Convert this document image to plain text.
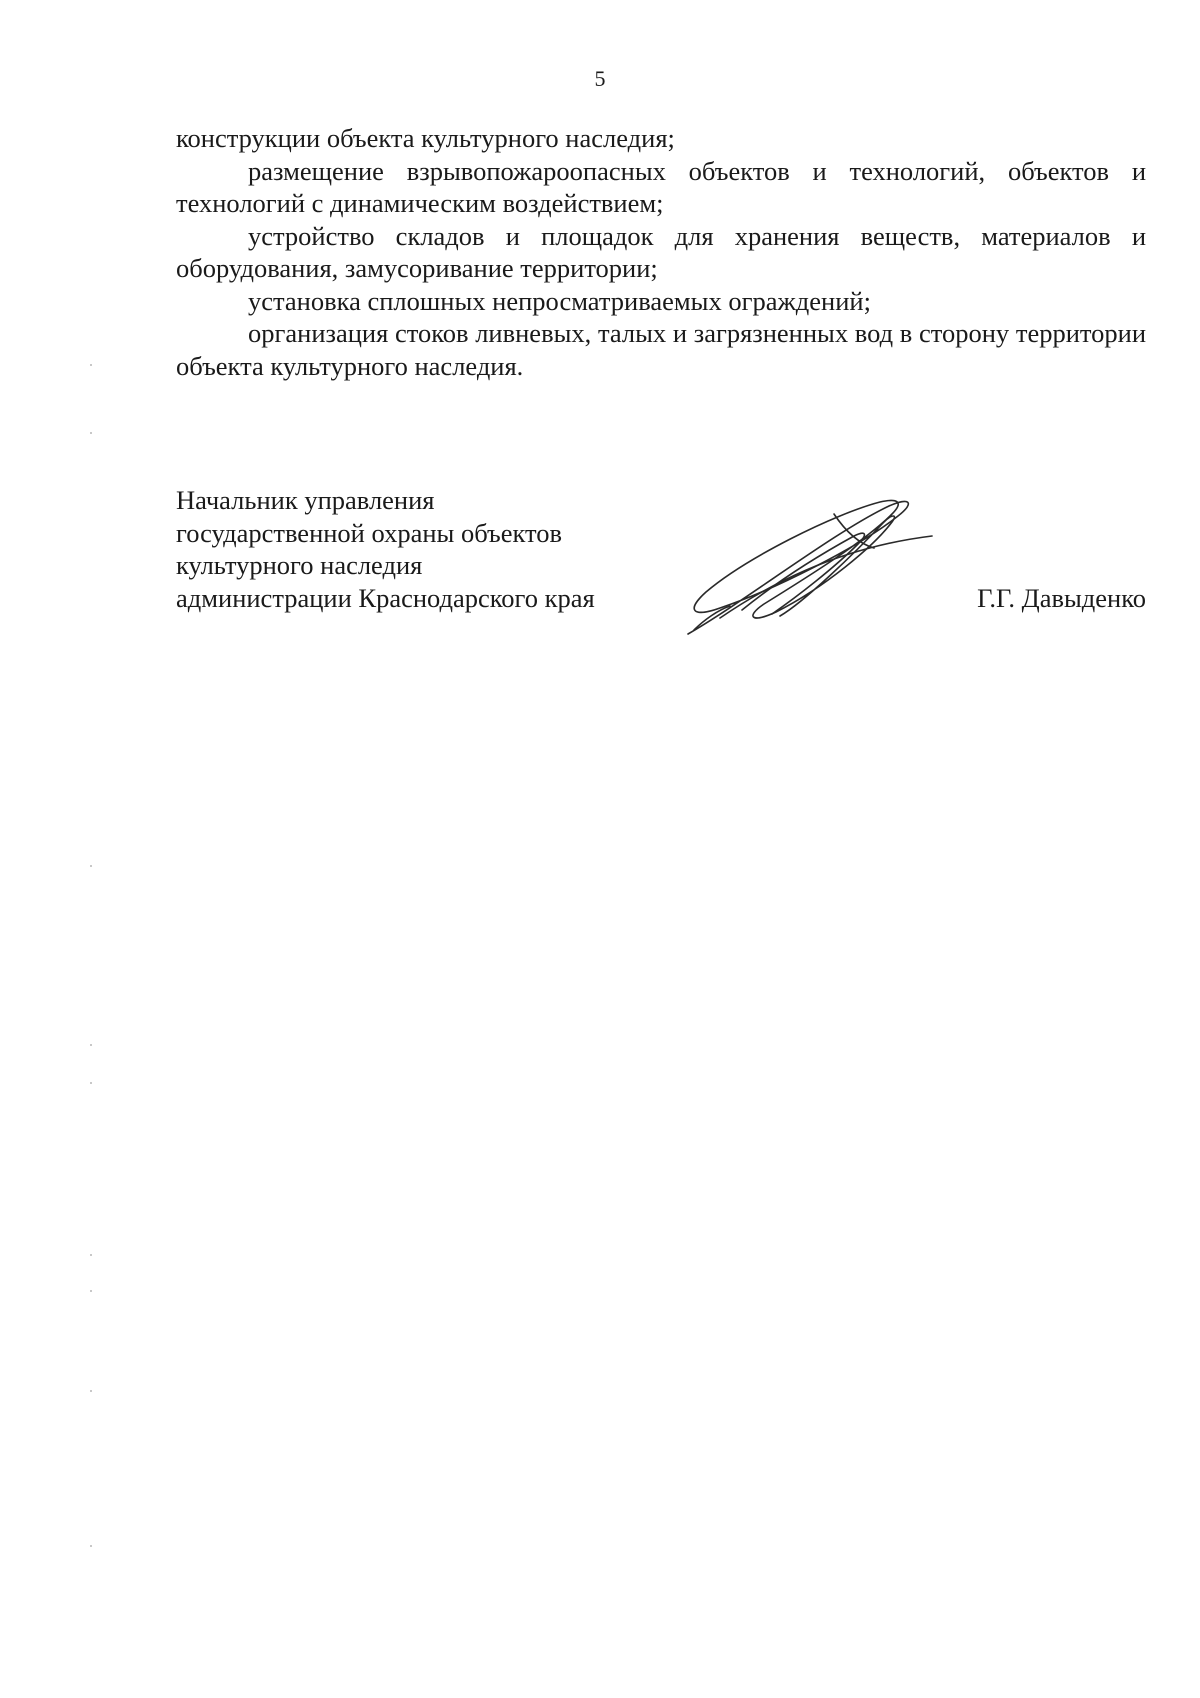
5

конструкции объекта культурного наследия;

размещение взрывопожароопасных объектов и технологий, объектов и технологий с динамическим воздействием;

устройство складов и площадок для хранения веществ, материалов и оборудования, замусоривание территории;

установка сплошных непросматриваемых ограждений;

организация стоков ливневых, талых и загрязненных вод в сторону территории объекта культурного наследия.

Начальник управления
государственной охраны объектов
культурного наследия
администрации Краснодарского края	Г.Г. Давыденко
